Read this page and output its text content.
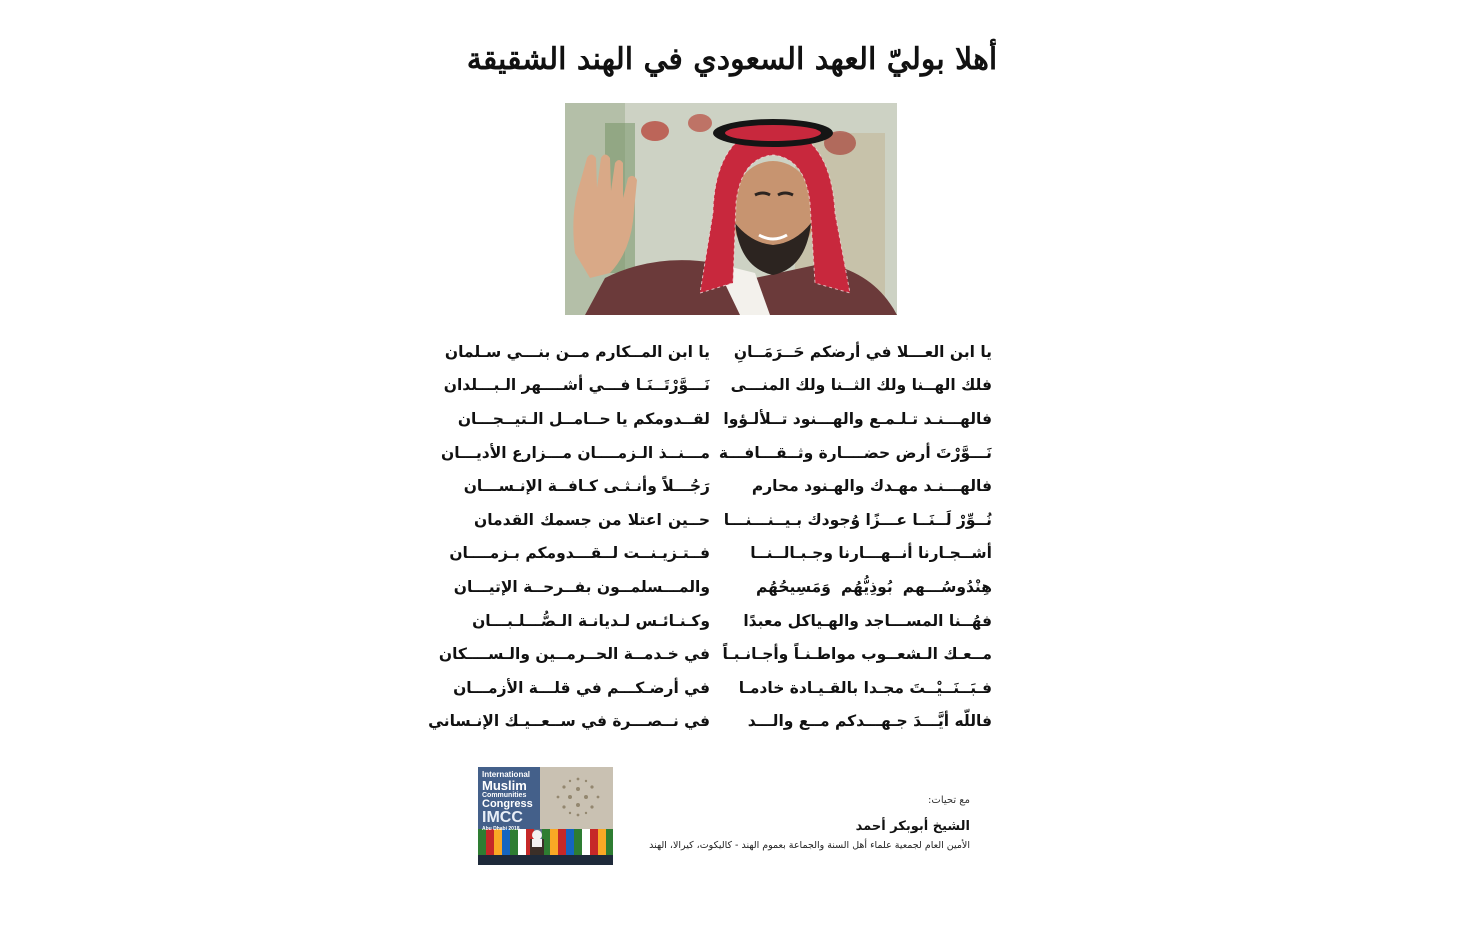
أهلا بوليّ العهد السعودي في الهند الشقيقة
يا ابن العـــلا في أرضكم حَــرَمَــانِ
يا ابن المــكارم مــن بنـــي سـلمان
فلك الهــنا ولك الثــنا ولك المنـــى
نَـــوَّرْتَــنَـا فـــي أشــــهر الـبـــلدان
فالهـــنـد تـلـمـع والهـــنود تــلألـؤوا
لقــدومكم يا حــامــل الـتيــجـــان
نَـــوَّرْتَ أرض حضــــارة وثــقـــافـــة
مـــنــذ الـزمــــان مـــزارع الأديـــان
فالهـــنـد مهـدك والهـنود محارم
رَجُـــلاً وأنـثـى كـافــة الإنـســـان
نُــوِّرْ لَــنَــا عـــزًا وُجودك بـيــنـــنـــا
حــين اعتلا من جسمك القدمان
أشــجـارنا أنــهـــارنا وجـبـالــنــا
فــتـزيـنــت لــقـــدومكم بـزمــــان
هِنْدُوسُـــهم بُوذِيُّهُم وَمَسِيحُهُم
والمـــسلمــون بفــرحــة الإتيـــان
فهُــنا المســـاجد والهـياكل معبدًا
وكـنـائـس لـديانـة الـصُّـــلـبـــان
مــعـك الـشعــوب مواطـنـاً وأجـانـبـاً
في خـدمــة الحــرمــين والـســــكان
فـبَــنَــيْــتَ مجـدا بالقـيـادة خادمـا
في أرضـكـــم في قلـــة الأزمـــان
فاللّه أيَّـــدَ جـهـــدكم مــع والـــد
في نــصـــرة في ســعــيـك الإنـساني
International
Muslim
Communities
Congress
IMCC
Abu Dhabi 2018
مع تحيات:
الشيخ أبوبكر أحمد
الأمين العام لجمعية علماء أهل السنة والجماعة بعموم الهند - كاليكوت، كيرالا، الهند
